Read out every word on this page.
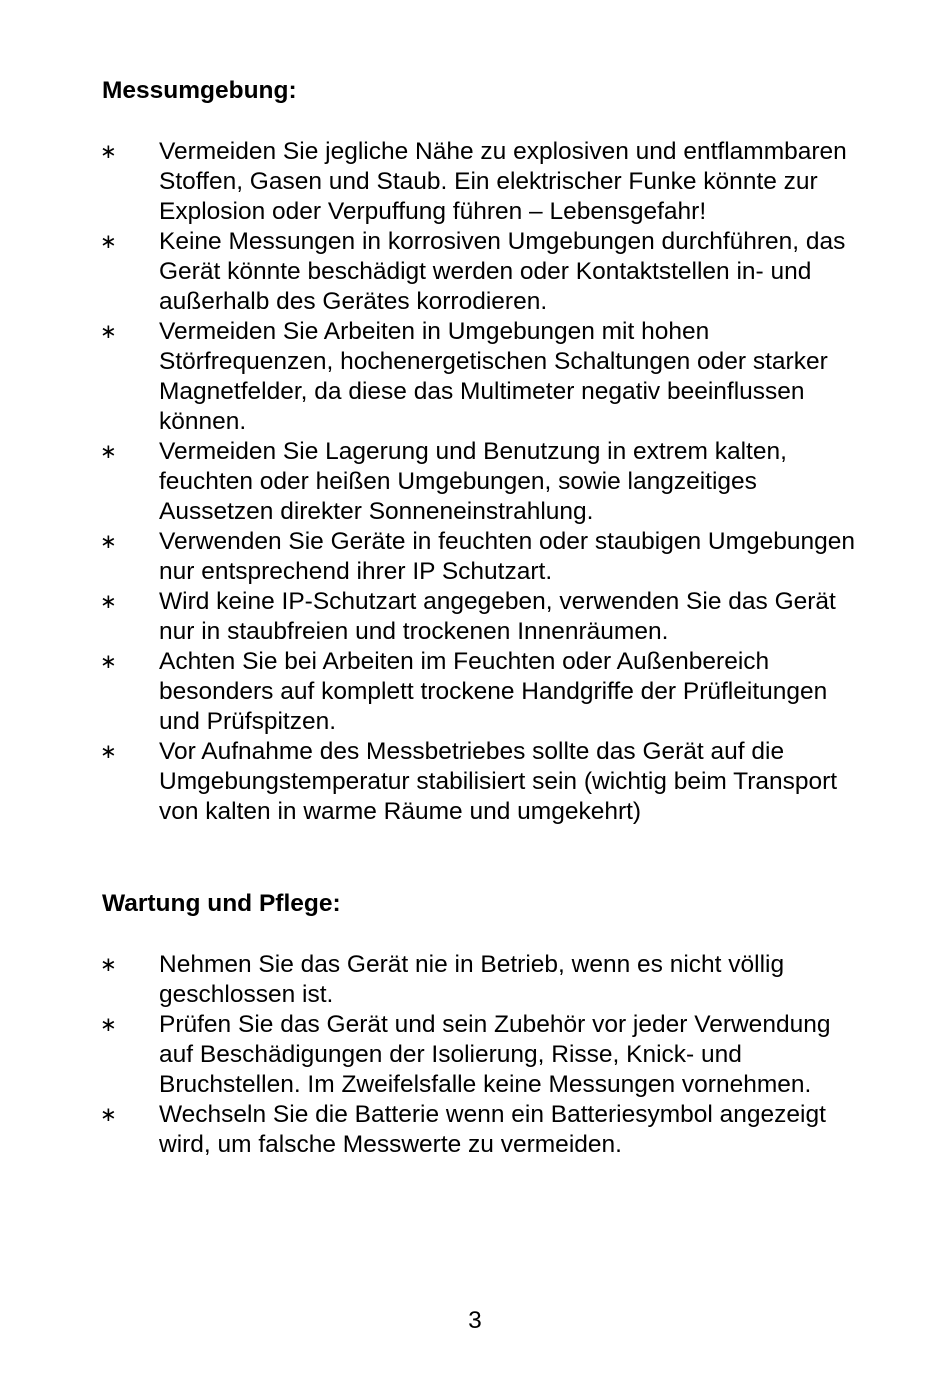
Messumgebung:
∗ Vermeiden Sie jegliche Nähe zu explosiven und entflammbaren Stoffen, Gasen und Staub. Ein elektrischer Funke könnte zur Explosion oder Verpuffung führen – Lebensgefahr!
∗ Keine Messungen in korrosiven Umgebungen durchführen, das Gerät könnte beschädigt werden oder Kontaktstellen in- und außerhalb des Gerätes korrodieren.
∗ Vermeiden Sie Arbeiten in Umgebungen mit hohen Störfrequenzen, hochenergetischen Schaltungen oder starker Magnetfelder, da diese das Multimeter negativ beeinflussen können.
∗ Vermeiden Sie Lagerung und Benutzung in extrem kalten, feuchten oder heißen Umgebungen, sowie langzeitiges Aussetzen direkter Sonneneinstrahlung.
∗ Verwenden Sie Geräte in feuchten oder staubigen Umgebungen nur entsprechend ihrer IP Schutzart.
∗ Wird keine IP-Schutzart angegeben, verwenden Sie das Gerät nur in staubfreien und trockenen Innenräumen.
∗ Achten Sie bei Arbeiten im Feuchten oder Außenbereich besonders auf komplett trockene Handgriffe der Prüfleitungen und Prüfspitzen.
∗ Vor Aufnahme des Messbetriebes sollte das Gerät auf die Umgebungstemperatur stabilisiert sein (wichtig beim Transport von kalten in warme Räume und umgekehrt)
Wartung und Pflege:
∗ Nehmen Sie das Gerät nie in Betrieb, wenn es nicht völlig geschlossen ist.
∗ Prüfen Sie das Gerät und sein Zubehör vor jeder Verwendung auf Beschädigungen der Isolierung, Risse, Knick- und Bruchstellen. Im Zweifelsfalle keine Messungen vornehmen.
∗ Wechseln Sie die Batterie wenn ein Batteriesymbol angezeigt wird, um falsche Messwerte zu vermeiden.
3
